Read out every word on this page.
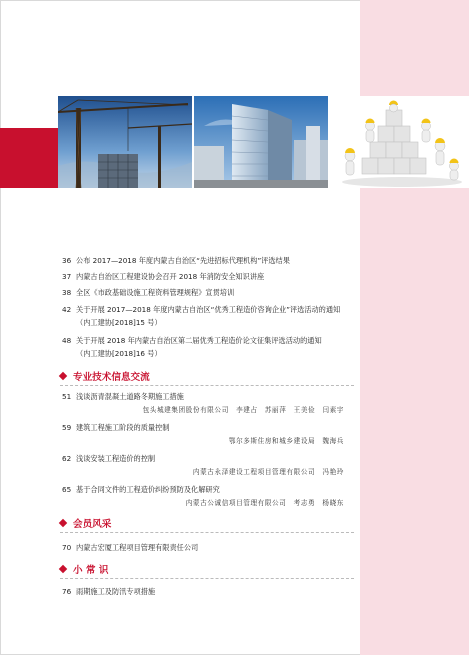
36 公布 2017—2018 年度内蒙古自治区“先进招标代理机构”评选结果
37 内蒙古自治区工程建设协会召开 2018 年消防安全知识讲座
38 全区《市政基础设施工程资料管理规程》宣贯培训
42 关于开展 2017—2018 年度内蒙古自治区“优秀工程造价咨询企业”评选活动的通知
（内工建协[2018]15 号）
48 关于开展 2018 年内蒙古自治区第二届优秀工程造价论文征集评选活动的通知
（内工建协[2018]16 号）
专业技术信息交流
51 浅谈沥青混凝土道路冬期施工措施
包头城建集团股份有限公司　李建占　苏丽萍　王美俭　闫素宇
59 建筑工程施工阶段的质量控制
鄂尔多斯住房和城乡建设局　魏海兵
62 浅谈安装工程造价的控制
内蒙古永泽建设工程项目管理有限公司　冯艳玲
65 基于合同文件的工程造价纠纷预防及化解研究
内蒙古公诚信项目管理有限公司　考志勇　杨晓东
会员风采
70 内蒙古宏厦工程项目管理有限责任公司
小 常 识
76 雨期施工及防汛专项措施
